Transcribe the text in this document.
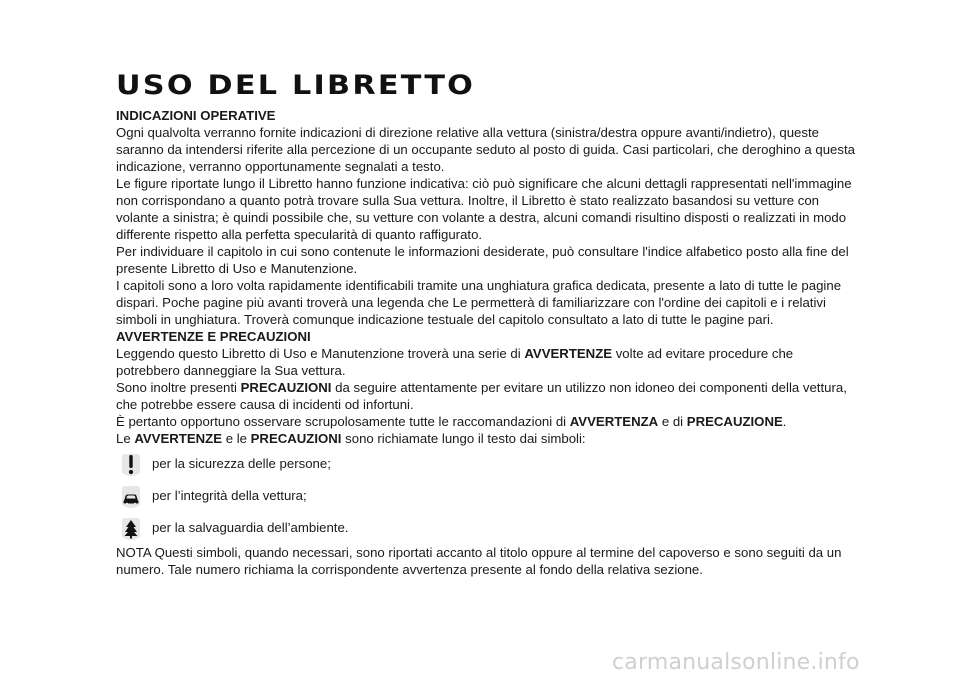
USO DEL LIBRETTO
INDICAZIONI OPERATIVE

Ogni qualvolta verranno fornite indicazioni di direzione relative alla vettura (sinistra/destra oppure avanti/indietro), queste saranno da intendersi riferite alla percezione di un occupante seduto al posto di guida. Casi particolari, che deroghino a questa indicazione, verranno opportunamente segnalati a testo.

Le figure riportate lungo il Libretto hanno funzione indicativa: ciò può significare che alcuni dettagli rappresentati nell'immagine non corrispondano a quanto potrà trovare sulla Sua vettura. Inoltre, il Libretto è stato realizzato basandosi su vetture con volante a sinistra; è quindi possibile che, su vetture con volante a destra, alcuni comandi risultino disposti o realizzati in modo differente rispetto alla perfetta specularità di quanto raffigurato.

Per individuare il capitolo in cui sono contenute le informazioni desiderate, può consultare l'indice alfabetico posto alla fine del presente Libretto di Uso e Manutenzione.

I capitoli sono a loro volta rapidamente identificabili tramite una unghiatura grafica dedicata, presente a lato di tutte le pagine dispari. Poche pagine più avanti troverà una legenda che Le permetterà di familiarizzare con l'ordine dei capitoli e i relativi simboli in unghiatura. Troverà comunque indicazione testuale del capitolo consultato a lato di tutte le pagine pari.

AVVERTENZE E PRECAUZIONI

Leggendo questo Libretto di Uso e Manutenzione troverà una serie di AVVERTENZE volte ad evitare procedure che potrebbero danneggiare la Sua vettura.

Sono inoltre presenti PRECAUZIONI da seguire attentamente per evitare un utilizzo non idoneo dei componenti della vettura, che potrebbe essere causa di incidenti od infortuni.

È pertanto opportuno osservare scrupolosamente tutte le raccomandazioni di AVVERTENZA e di PRECAUZIONE.

Le AVVERTENZE e le PRECAUZIONI sono richiamate lungo il testo dai simboli:

per la sicurezza delle persone;
per l’integrità della vettura;
per la salvaguardia dell’ambiente.

NOTA Questi simboli, quando necessari, sono riportati accanto al titolo oppure al termine del capoverso e sono seguiti da un numero. Tale numero richiama la corrispondente avvertenza presente al fondo della relativa sezione.

carmanualsonline.info
